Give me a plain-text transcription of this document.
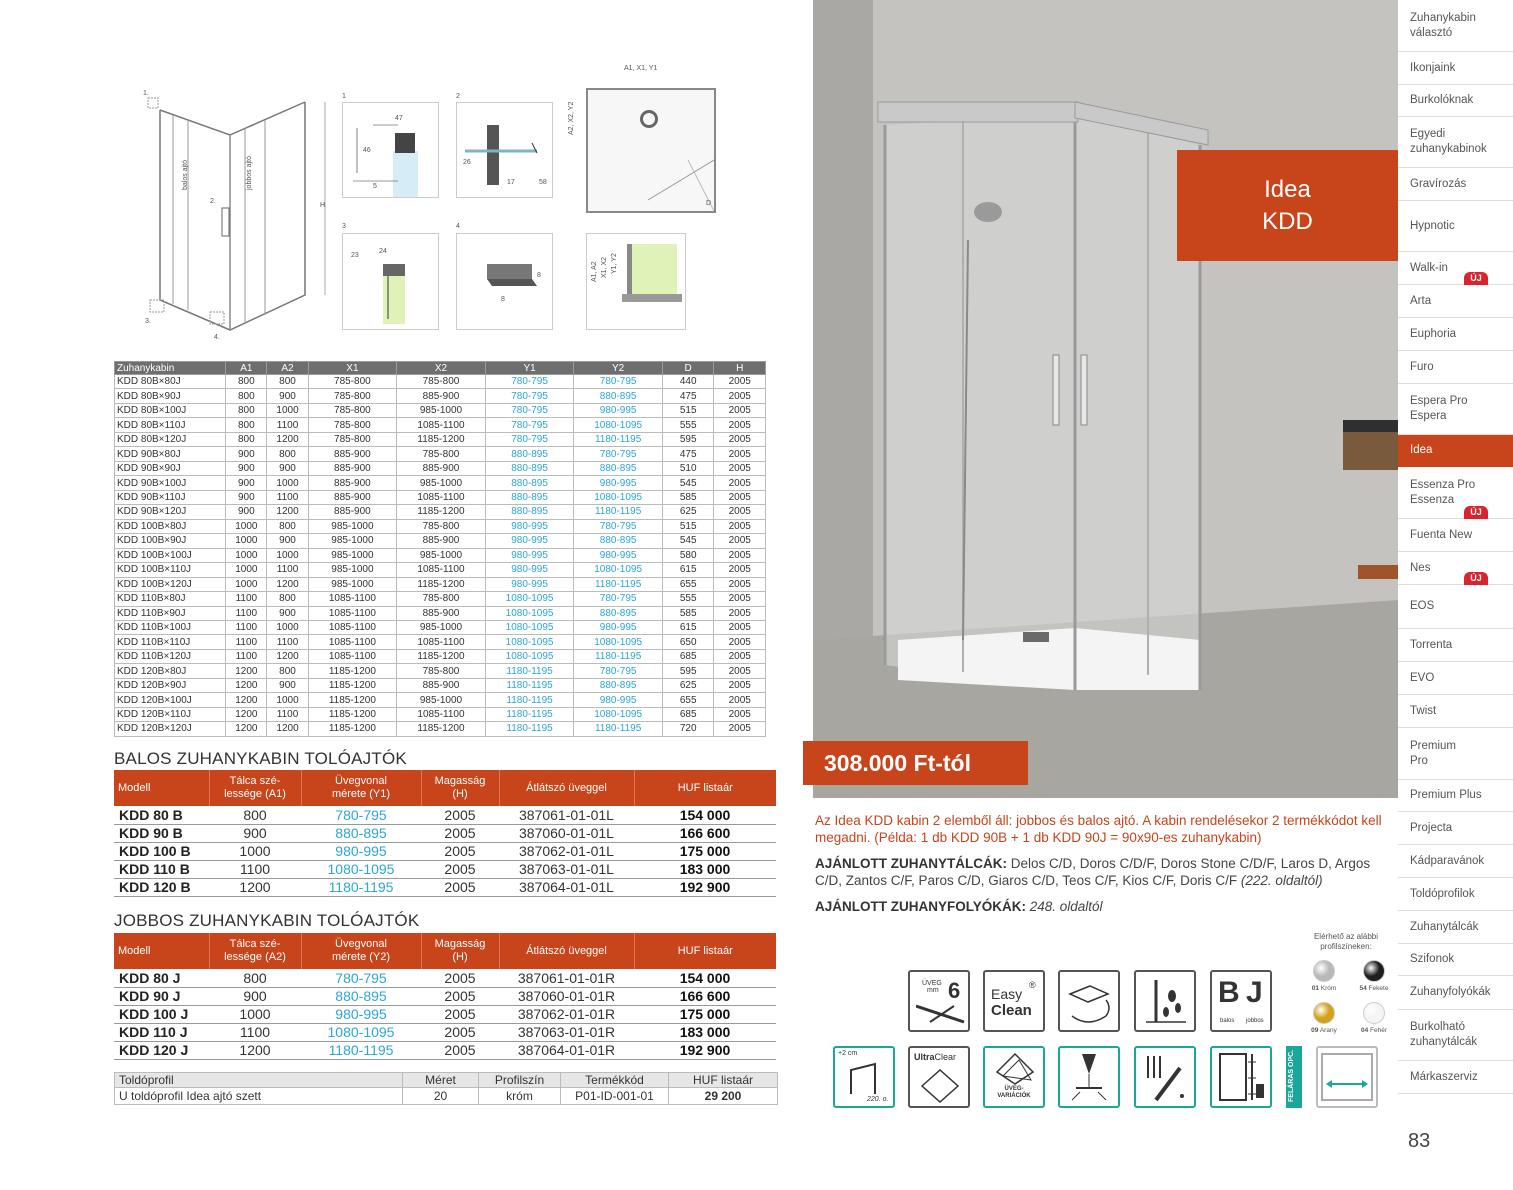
balos ajtó	jobbos ajtó
1.
2.
3.
4.
H
1
47
46
5
2
26
17	58
A1, X1, Y1
A2, X2, Y2
D
3
24
23
4
8
8
A1, A2 X1, X2 Y1, Y2
Zuhanykabin	A1	A2	X1	X2	Y1	Y2	D	H
KDD 80B×80J	800	800	785-800	785-800	780-795	780-795	440	2005
KDD 80B×90J	800	900	785-800	885-900	780-795	880-895	475	2005
KDD 80B×100J	800	1000	785-800	985-1000	780-795	980-995	515	2005
KDD 80B×110J	800	1100	785-800	1085-1100	780-795	1080-1095	555	2005
KDD 80B×120J	800	1200	785-800	1185-1200	780-795	1180-1195	595	2005
KDD 90B×80J	900	800	885-900	785-800	880-895	780-795	475	2005
KDD 90B×90J	900	900	885-900	885-900	880-895	880-895	510	2005
KDD 90B×100J	900	1000	885-900	985-1000	880-895	980-995	545	2005
KDD 90B×110J	900	1100	885-900	1085-1100	880-895	1080-1095	585	2005
KDD 90B×120J	900	1200	885-900	1185-1200	880-895	1180-1195	625	2005
KDD 100B×80J	1000	800	985-1000	785-800	980-995	780-795	515	2005
KDD 100B×90J	1000	900	985-1000	885-900	980-995	880-895	545	2005
KDD 100B×100J	1000	1000	985-1000	985-1000	980-995	980-995	580	2005
KDD 100B×110J	1000	1100	985-1000	1085-1100	980-995	1080-1095	615	2005
KDD 100B×120J	1000	1200	985-1000	1185-1200	980-995	1180-1195	655	2005
KDD 110B×80J	1100	800	1085-1100	785-800	1080-1095	780-795	555	2005
KDD 110B×90J	1100	900	1085-1100	885-900	1080-1095	880-895	585	2005
KDD 110B×100J	1100	1000	1085-1100	985-1000	1080-1095	980-995	615	2005
KDD 110B×110J	1100	1100	1085-1100	1085-1100	1080-1095	1080-1095	650	2005
KDD 110B×120J	1100	1200	1085-1100	1185-1200	1080-1095	1180-1195	685	2005
KDD 120B×80J	1200	800	1185-1200	785-800	1180-1195	780-795	595	2005
KDD 120B×90J	1200	900	1185-1200	885-900	1180-1195	880-895	625	2005
KDD 120B×100J	1200	1000	1185-1200	985-1000	1180-1195	980-995	655	2005
KDD 120B×110J	1200	1100	1185-1200	1085-1100	1180-1195	1080-1095	685	2005
KDD 120B×120J	1200	1200	1185-1200	1185-1200	1180-1195	1180-1195	720	2005
BALOS ZUHANYKABIN TOLÓAJTÓK
Modell	Tálca szé-
lessége (A1)	Üvegvonal
mérete (Y1)	Magasság
(H)	Átlátszó üveggel	HUF listaár
KDD 80 B	800	780-795	2005	387061-01-01L	154 000
KDD 90 B	900	880-895	2005	387060-01-01L	166 600
KDD 100 B	1000	980-995	2005	387062-01-01L	175 000
KDD 110 B	1100	1080-1095	2005	387063-01-01L	183 000
KDD 120 B	1200	1180-1195	2005	387064-01-01L	192 900
JOBBOS ZUHANYKABIN TOLÓAJTÓK
Modell	Tálca szé-
lessége (A2)	Üvegvonal
mérete (Y2)	Magasság
(H)	Átlátszó üveggel	HUF listaár
KDD 80 J	800	780-795	2005	387061-01-01R	154 000
KDD 90 J	900	880-895	2005	387060-01-01R	166 600
KDD 100 J	1000	980-995	2005	387062-01-01R	175 000
KDD 110 J	1100	1080-1095	2005	387063-01-01R	183 000
KDD 120 J	1200	1180-1195	2005	387064-01-01R	192 900
Toldóprofil	Méret	Profilszín	Termékkód	HUF listaár
U toldóprofil Idea ajtó szett	20	króm	P01-ID-001-01	29 200
Idea
KDD
308.000 Ft-tól
Az Idea KDD kabin 2 elemből áll: jobbos és balos ajtó. A kabin rendelésekor 2 termékkódot kell megadni. (Példa: 1 db KDD 90B + 1 db KDD 90J = 90x90-es zuhanykabin)
AJÁNLOTT ZUHANYTÁLCÁK: Delos C/D, Doros C/D/F, Doros Stone C/D/F, Laros D, Argos C/D, Zantos C/F, Paros C/D, Giaros C/D, Teos C/F, Kios C/F, Doris C/F (222. oldaltól)
AJÁNLOTT ZUHANYFOLYÓKÁK: 248. oldaltól
ÜVEG
mm 6 Easy
®
Clean
B J
balos jobbos
Elérhető az alábbi
profilszíneken:
01 Króm	54 Fekete
09 Arany	04 Fehér
+2 cm
220. o.
UltraClear
ÜVEG-
VARIÁCIÓK	FELÁRAS OPC.
Zuhanykabin
választó
Ikonjaink
Burkolóknak
Egyedi
zuhanykabinok
Gravírozás
Hypnotic
Walk-in
ÚJ
Arta
Euphoria
Furo
Espera Pro
Espera
Idea
Essenza Pro
Essenza
ÚJ
Fuenta New
Nes
ÚJ
EOS
Torrenta
EVO
Twist
Premium
Pro
Premium Plus
Projecta
Kádparavánok
Toldóprofilok
Zuhanytálcák
Szifonok
Zuhanyfolyókák
Burkolható
zuhanytálcák
Márkaszerviz
83
